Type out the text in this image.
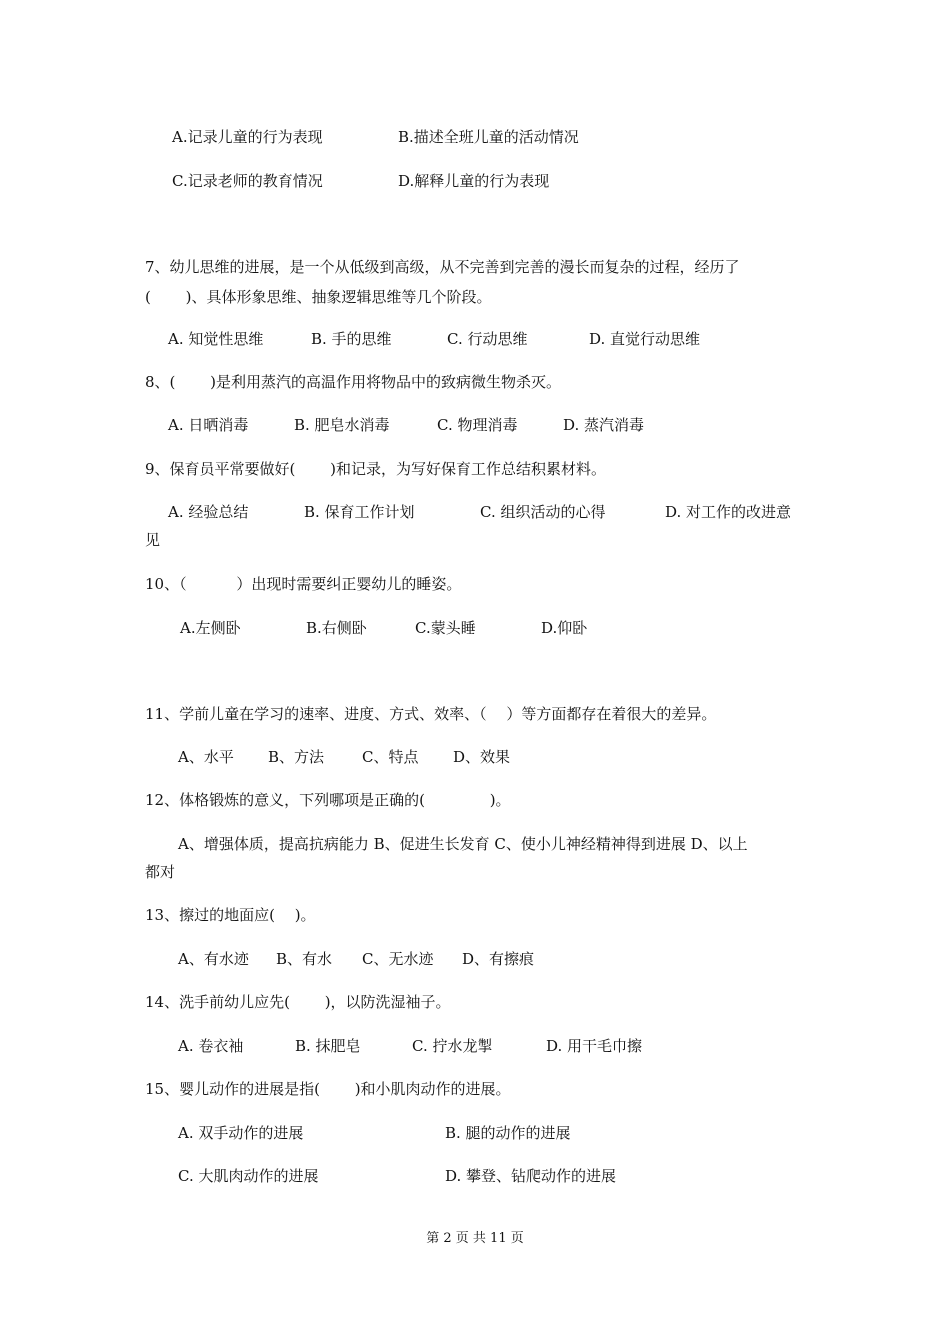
A.记录儿童的行为表现	B.描述全班儿童的活动情况
C.记录老师的教育情况	D.解释儿童的行为表现
7、幼儿思维的进展，是一个从低级到高级，从不完善到完善的漫长而复杂的过程，经历了
(　　 )、具体形象思维、抽象逻辑思维等几个阶段。
A. 知觉性思维	B. 手的思维	C. 行动思维	D. 直觉行动思维
8、(　　 )是利用蒸汽的高温作用将物品中的致病微生物杀灭。
A. 日晒消毒	B. 肥皂水消毒	C. 物理消毒	D. 蒸汽消毒
9、保育员平常要做好(　　 )和记录，为写好保育工作总结积累材料。
A. 经验总结	B. 保育工作计划	C. 组织活动的心得	D. 对工作的改进意
见
10、（　　　 ）出现时需要纠正婴幼儿的睡姿。
A.左侧卧	B.右侧卧	C.蒙头睡	D.仰卧
11、学前儿童在学习的速率、进度、方式、效率、（　 ）等方面都存在着很大的差异。
A、水平 B、方法	C、特点 D、效果
12、体格锻炼的意义，下列哪项是正确的(　　　　 )。
A、增强体质，提高抗病能力 B、促进生长发育 C、使小儿神经精神得到进展 D、以上
都对
13、擦过的地面应(　 )。
A、有水迹 B、有水 C、无水迹 D、有擦痕
14、洗手前幼儿应先(　　 )，以防洗湿袖子。
A. 卷衣袖	B. 抹肥皂	C. 拧水龙掣	D. 用干毛巾擦
15、婴儿动作的进展是指(　　 )和小肌肉动作的进展。
A. 双手动作的进展	B. 腿的动作的进展
C. 大肌肉动作的进展	D. 攀登、钻爬动作的进展
第 2 页 共 11 页
